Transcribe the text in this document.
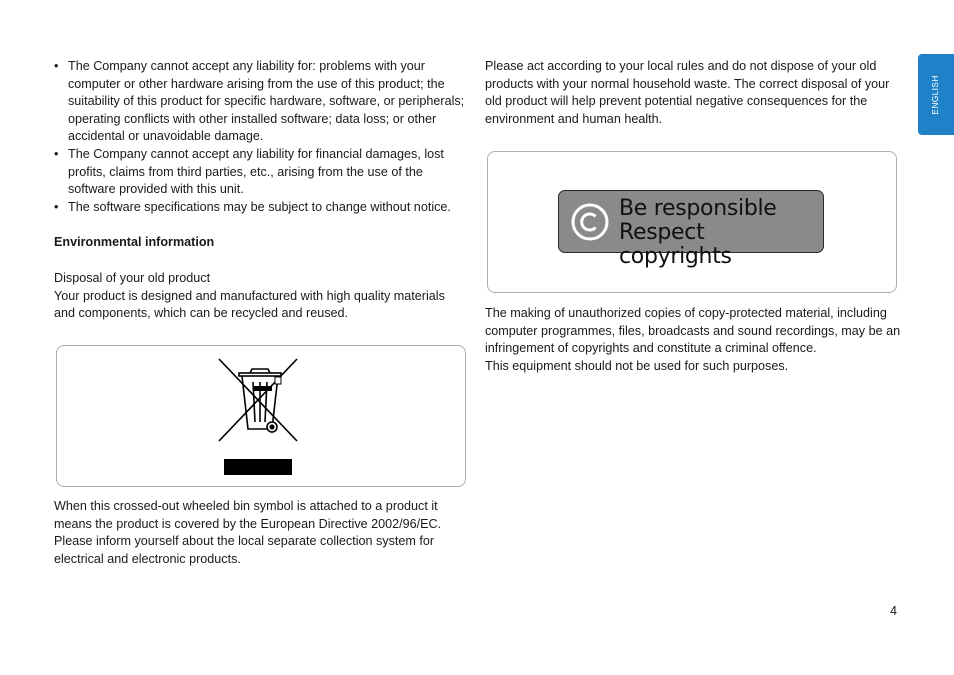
• The Company cannot accept any liability for: problems with your computer or other hardware arising from the use of this product; the suitability of this product for specific hardware, software, or peripherals; operating conflicts with other installed software; data loss; or other accidental or unavoidable damage.
• The Company cannot accept any liability for financial damages, lost profits, claims from third parties, etc., arising from the use of the software provided with this unit.
• The software specifications may be subject to change without notice.

Environmental information

Disposal of your old product

Your product is designed and manufactured with high quality materials and components, which can be recycled and reused.

When this crossed-out wheeled bin symbol is attached to a product it means the product is covered by the European Directive 2002/96/EC. Please inform yourself about the local separate collection system for electrical and electronic products.

Please act according to your local rules and do not dispose of your old products with your normal household waste. The correct disposal of your old product will help prevent potential negative consequences for the environment and human health.

Be responsible
Respect copyrights

The making of unauthorized copies of copy-protected material, including computer programmes, files, broadcasts and sound recordings, may be an infringement of copyrights and constitute a criminal offence.

This equipment should not be used for such purposes.

ENGLISH
4
